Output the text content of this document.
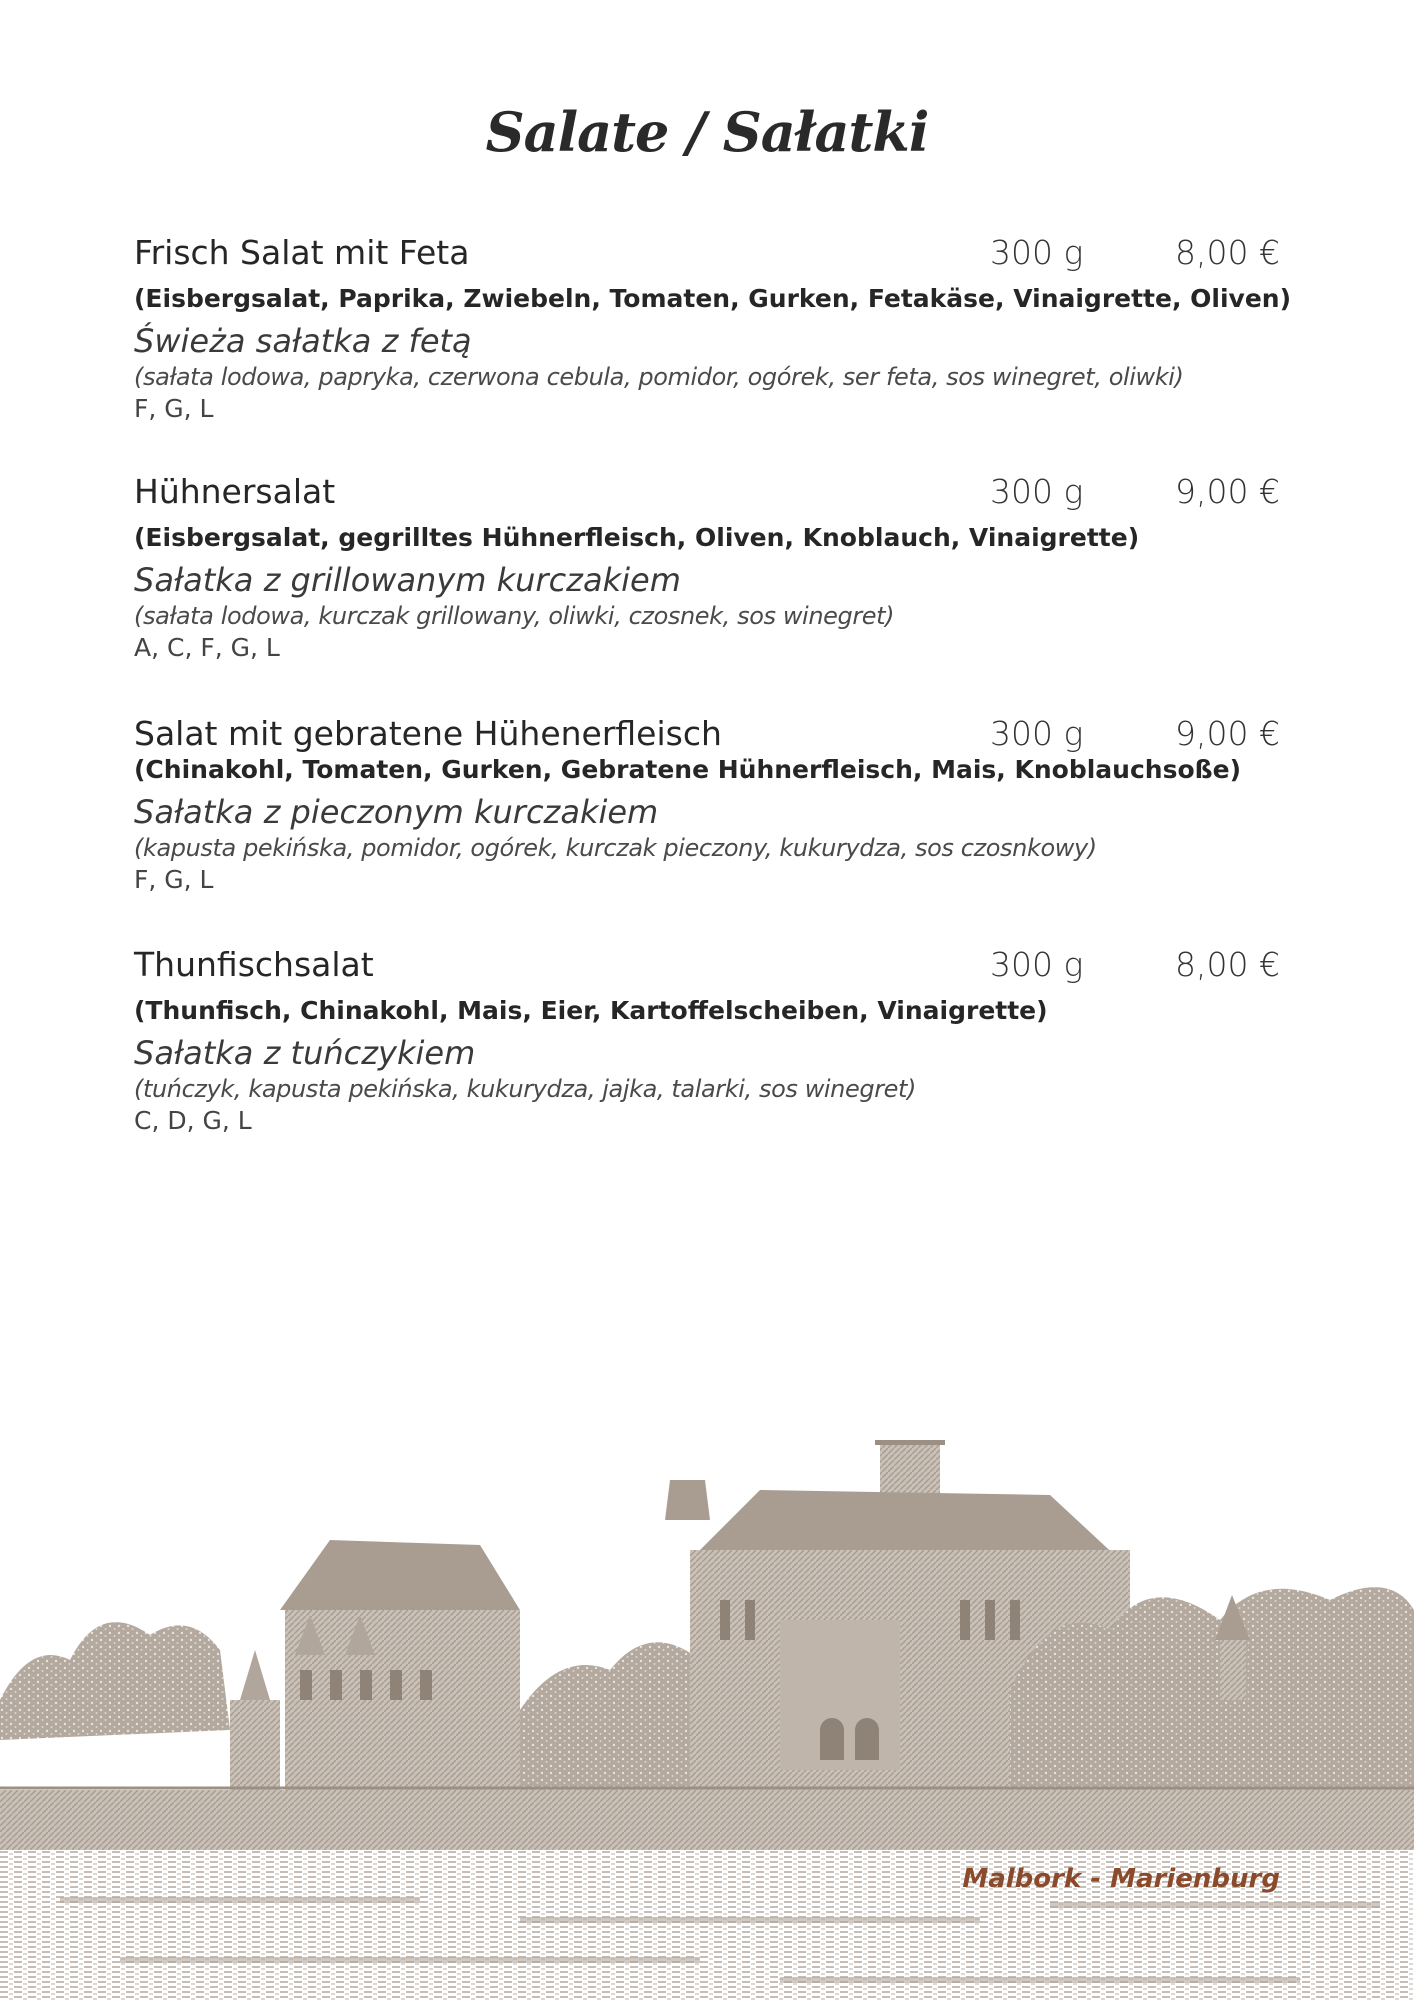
Salate / Sałatki
Frisch Salat mit Feta	300 g	8,00 €
(Eisbergsalat, Paprika, Zwiebeln, Tomaten, Gurken, Fetakäse, Vinaigrette, Oliven)
Świeża sałatka z fetą
(sałata lodowa, papryka, czerwona cebula, pomidor, ogórek, ser feta, sos winegret, oliwki)
F, G, L
Hühnersalat	300 g	9,00 €
(Eisbergsalat, gegrilltes Hühnerfleisch, Oliven, Knoblauch, Vinaigrette)
Sałatka z grillowanym kurczakiem
(sałata lodowa, kurczak grillowany, oliwki, czosnek, sos winegret)
A, C, F, G, L
Salat mit gebratene Hühenerfleisch	300 g	9,00 €
(Chinakohl, Tomaten, Gurken, Gebratene Hühnerfleisch, Mais, Knoblauchsoße)
Sałatka z pieczonym kurczakiem
(kapusta pekińska, pomidor, ogórek, kurczak pieczony, kukurydza, sos czosnkowy)
F, G, L
Thunfischsalat	300 g	8,00 €
(Thunfisch, Chinakohl, Mais, Eier, Kartoffelscheiben, Vinaigrette)
Sałatka z tuńczykiem
(tuńczyk, kapusta pekińska, kukurydza, jajka, talarki, sos winegret)
C, D, G, L
Malbork - Marienburg
